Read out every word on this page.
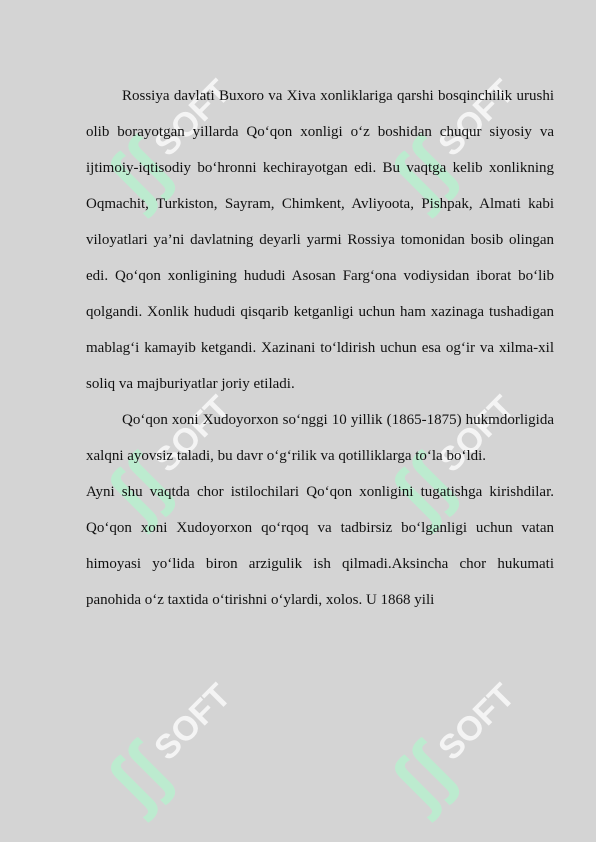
ʃʃ
SOFT
ʃʃ
SOFT
ʃʃ
SOFT
ʃʃ
SOFT
ʃʃ
SOFT
ʃʃ
SOFT

Rossiya davlati Buxoro va Xiva xonliklariga qarshi bosqinchilik urushi olib borayotgan yillarda Qo‘qon xonligi o‘z boshidan chuqur siyosiy va ijtimoiy-iqtisodiy bo‘hronni kechirayotgan edi. Bu vaqtga kelib xonlikning Oqmachit, Turkiston, Sayram, Chimkent, Avliyoota, Pishpak, Almati kabi viloyatlari ya’ni davlatning deyarli yarmi Rossiya tomonidan bosib olingan edi. Qo‘qon xonligining hududi Asosan Farg‘ona vodiysidan iborat bo‘lib qolgandi. Xonlik hududi qisqarib ketganligi uchun ham xazinaga tushadigan mablag‘i kamayib ketgandi. Xazinani to‘ldirish uchun esa og‘ir va xilma-xil soliq va majburiyatlar joriy etiladi.

Qo‘qon xoni Xudoyorxon so‘nggi 10 yillik (1865-1875) hukmdorligida xalqni ayovsiz taladi, bu davr o‘g‘rilik va qotilliklarga to‘la bo‘ldi.

Ayni shu vaqtda chor istilochilari Qo‘qon xonligini tugatishga kirishdilar. Qo‘qon xoni Xudoyorxon qo‘rqoq va tadbirsiz bo‘lganligi uchun vatan himoyasi yo‘lida biron arzigulik ish qilmadi.Aksincha chor hukumati panohida o‘z taxtida o‘tirishni o‘ylardi, xolos. U 1868 yili
